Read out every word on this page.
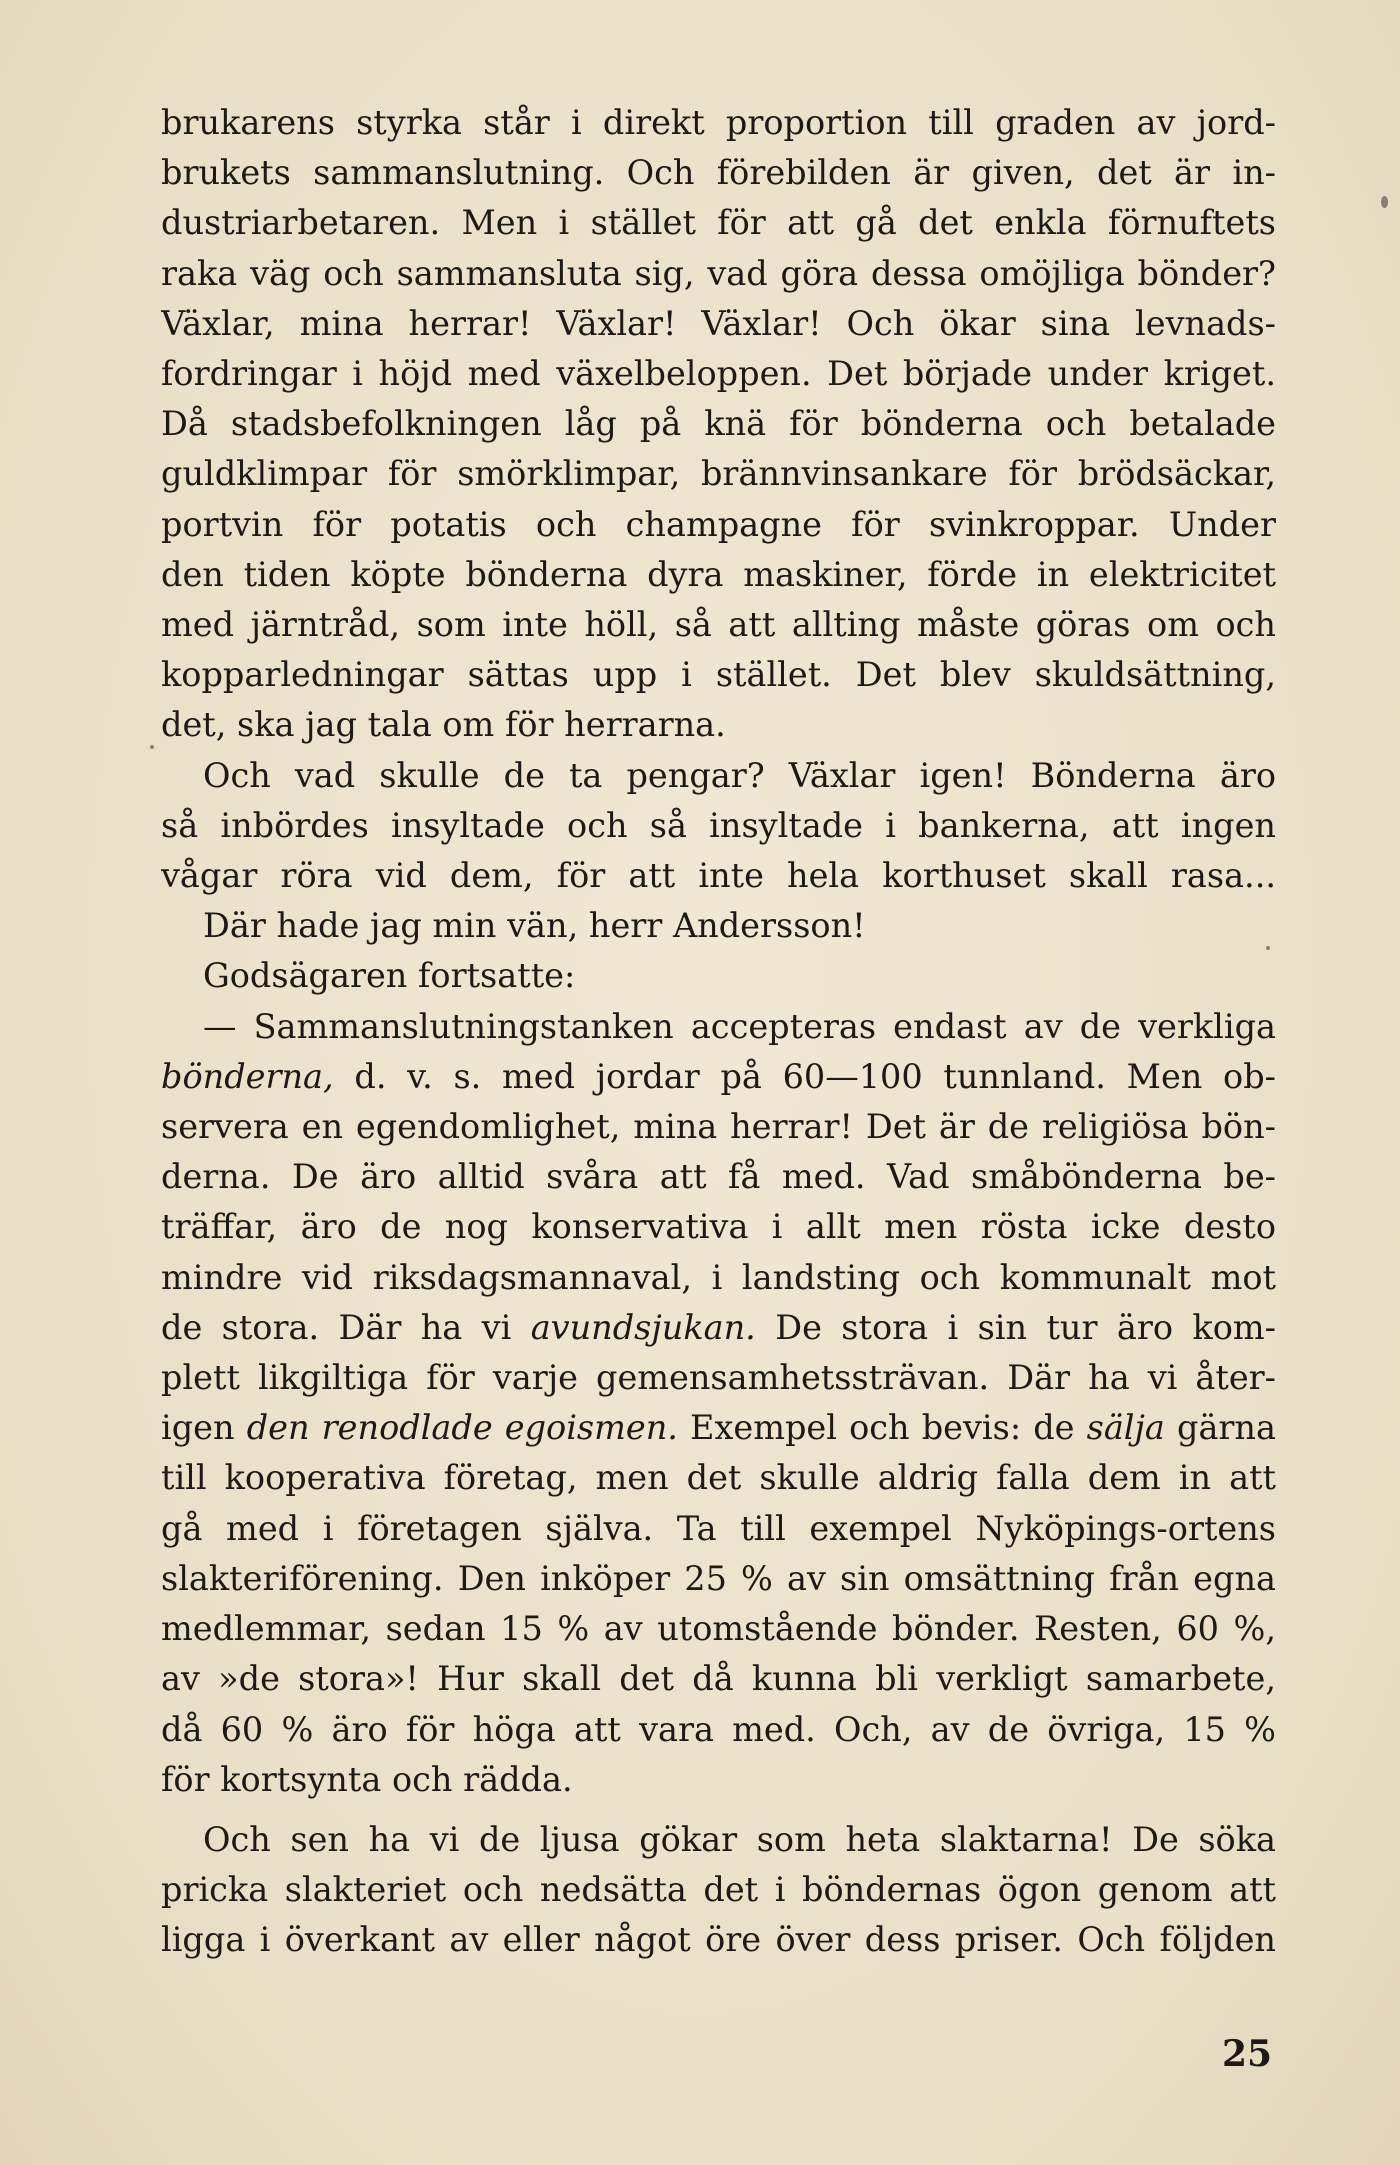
brukarens styrka står i direkt proportion till graden av jord-
brukets sammanslutning. Och förebilden är given, det är in-
dustriarbetaren. Men i stället för att gå det enkla förnuftets
raka väg och sammansluta sig, vad göra dessa omöjliga bönder?
Växlar, mina herrar! Växlar! Växlar! Och ökar sina levnads-
fordringar i höjd med växelbeloppen. Det började under kriget.
Då stadsbefolkningen låg på knä för bönderna och betalade
guldklimpar för smörklimpar, brännvinsankare för brödsäckar,
portvin för potatis och champagne för svinkroppar. Under
den tiden köpte bönderna dyra maskiner, förde in elektricitet
med järntråd, som inte höll, så att allting måste göras om och
kopparledningar sättas upp i stället. Det blev skuldsättning,
det, ska jag tala om för herrarna.
Och vad skulle de ta pengar? Växlar igen! Bönderna äro
så inbördes insyltade och så insyltade i bankerna, att ingen
vågar röra vid dem, för att inte hela korthuset skall rasa...
Där hade jag min vän, herr Andersson!
Godsägaren fortsatte:
— Sammanslutningstanken accepteras endast av de verkliga
bönderna, d. v. s. med jordar på 60—100 tunnland. Men ob-
servera en egendomlighet, mina herrar! Det är de religiösa bön-
derna. De äro alltid svåra att få med. Vad småbönderna be-
träffar, äro de nog konservativa i allt men rösta icke desto
mindre vid riksdagsmannaval, i landsting och kommunalt mot
de stora. Där ha vi avundsjukan. De stora i sin tur äro kom-
plett likgiltiga för varje gemensamhetssträvan. Där ha vi åter-
igen den renodlade egoismen. Exempel och bevis: de sälja gärna
till kooperativa företag, men det skulle aldrig falla dem in att
gå med i företagen själva. Ta till exempel Nyköpings-ortens
slakteriförening. Den inköper 25 % av sin omsättning från egna
medlemmar, sedan 15 % av utomstående bönder. Resten, 60 %,
av »de stora»! Hur skall det då kunna bli verkligt samarbete,
då 60 % äro för höga att vara med. Och, av de övriga, 15 %
för kortsynta och rädda.
Och sen ha vi de ljusa gökar som heta slaktarna! De söka
pricka slakteriet och nedsätta det i böndernas ögon genom att
ligga i överkant av eller något öre över dess priser. Och följden
25
